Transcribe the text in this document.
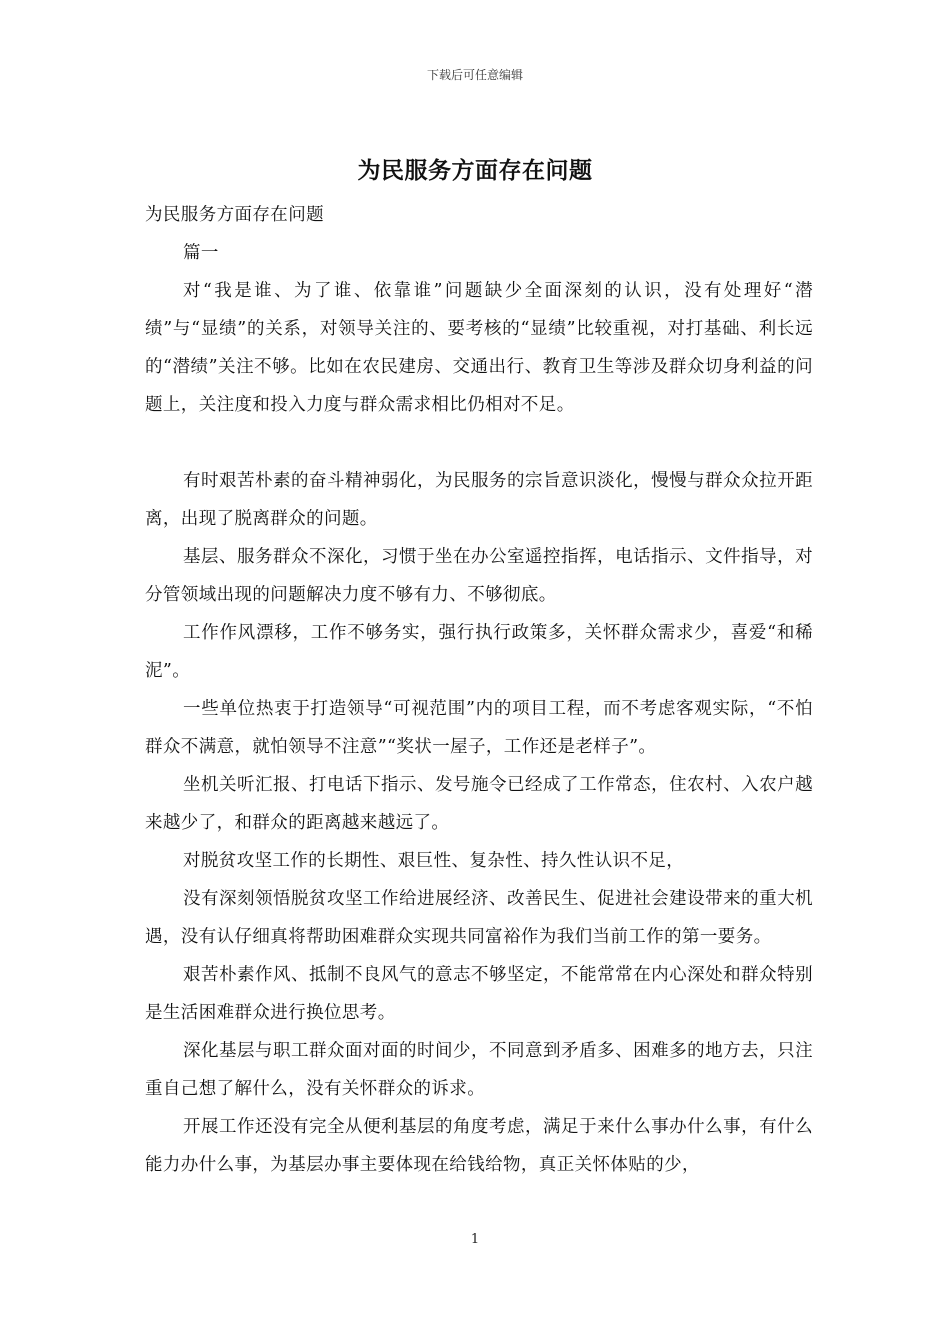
下载后可任意编辑
为民服务方面存在问题

为民服务方面存在问题

篇一

对“我是谁、为了谁、依靠谁”问题缺少全面深刻的认识，没有处理好“潜绩”与“显绩”的关系，对领导关注的、要考核的“显绩”比较重视，对打基础、利长远的“潜绩”关注不够。比如在农民建房、交通出行、教育卫生等涉及群众切身利益的问题上，关注度和投入力度与群众需求相比仍相对不足。

有时艰苦朴素的奋斗精神弱化，为民服务的宗旨意识淡化，慢慢与群众众拉开距离，出现了脱离群众的问题。

基层、服务群众不深化，习惯于坐在办公室遥控指挥，电话指示、文件指导，对分管领域出现的问题解决力度不够有力、不够彻底。

工作作风漂移，工作不够务实，强行执行政策多，关怀群众需求少，喜爱“和稀泥”。

一些单位热衷于打造领导“可视范围”内的项目工程，而不考虑客观实际，“不怕群众不满意，就怕领导不注意”“奖状一屋子，工作还是老样子”。

坐机关听汇报、打电话下指示、发号施令已经成了工作常态，住农村、入农户越来越少了，和群众的距离越来越远了。

对脱贫攻坚工作的长期性、艰巨性、复杂性、持久性认识不足，

没有深刻领悟脱贫攻坚工作给进展经济、改善民生、促进社会建设带来的重大机遇，没有认仔细真将帮助困难群众实现共同富裕作为我们当前工作的第一要务。

艰苦朴素作风、抵制不良风气的意志不够坚定，不能常常在内心深处和群众特别是生活困难群众进行换位思考。

深化基层与职工群众面对面的时间少，不同意到矛盾多、困难多的地方去，只注重自己想了解什么，没有关怀群众的诉求。

开展工作还没有完全从便利基层的角度考虑，满足于来什么事办什么事，有什么能力办什么事，为基层办事主要体现在给钱给物，真正关怀体贴的少，

1
